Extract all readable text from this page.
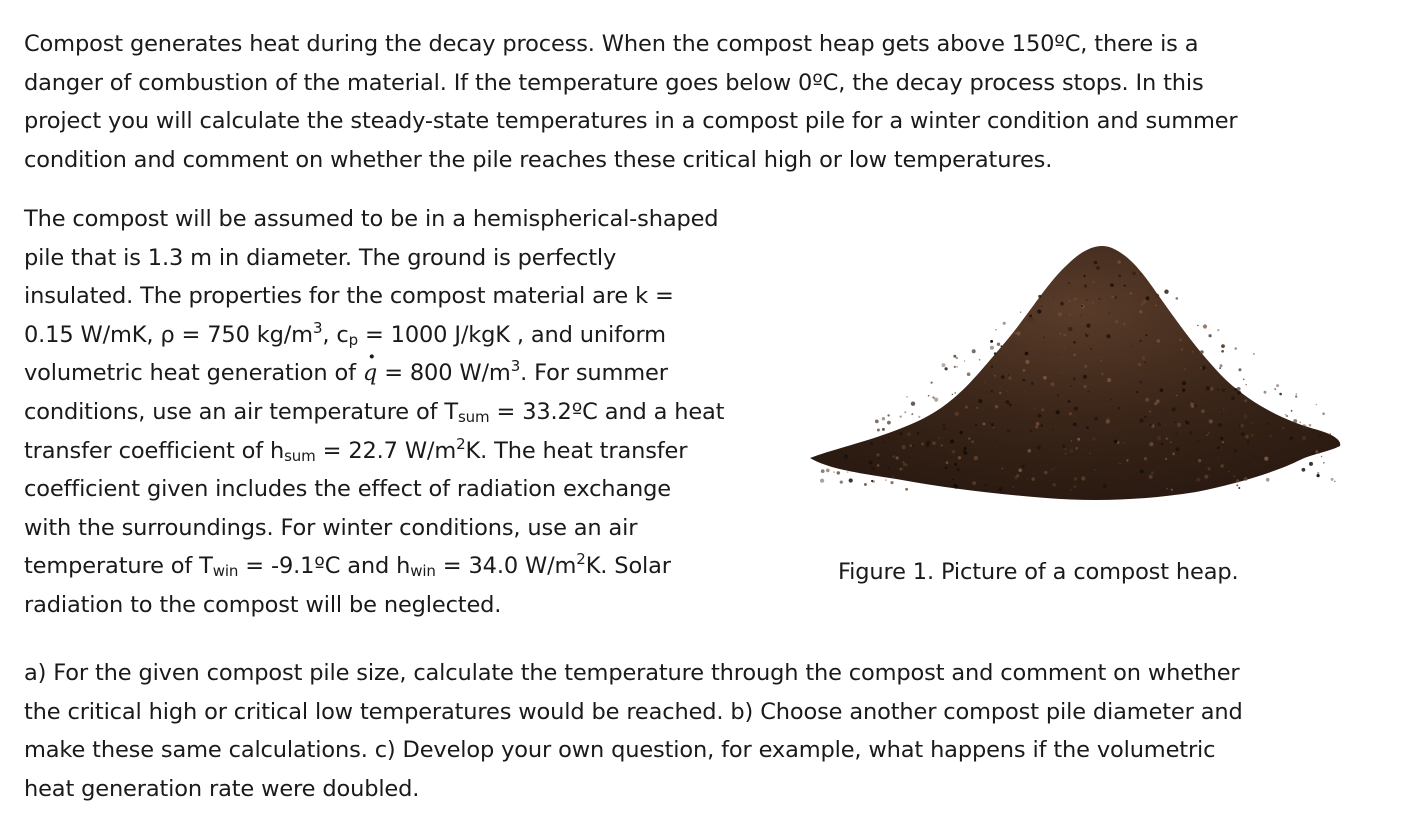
Compost generates heat during the decay process. When the compost heap gets above 150ºC, there is a
danger of combustion of the material. If the temperature goes below 0ºC, the decay process stops. In this
project you will calculate the steady-state temperatures in a compost pile for a winter condition and summer
condition and comment on whether the pile reaches these critical high or low temperatures.

The compost will be assumed to be in a hemispherical-shaped
pile that is 1.3 m in diameter. The ground is perfectly
insulated. The properties for the compost material are k =
0.15 W/mK, ρ = 750 $kg/m^3$, $c_p = 1000$ J/kgK , and uniform
volumetric heat generation of · q = 800 $W/m^3$. For summer
conditions, use an air temperature of $T_{sum}$ = 33.2ºC and a heat
transfer coefficient of $h_{sum} = 22.7$ $W/m^2K$. The heat transfer
coefficient given includes the effect of radiation exchange
with the surroundings. For winter conditions, use an air
temperature of $T_{win}$ = -9.1ºC and $h_{win} = 34.0$ $W/m^2K$. Solar
radiation to the compost will be neglected.

Figure 1. Picture of a compost heap.

a) For the given compost pile size, calculate the temperature through the compost and comment on whether
the critical high or critical low temperatures would be reached. b) Choose another compost pile diameter and
make these same calculations. c) Develop your own question, for example, what happens if the volumetric
heat generation rate were doubled.
